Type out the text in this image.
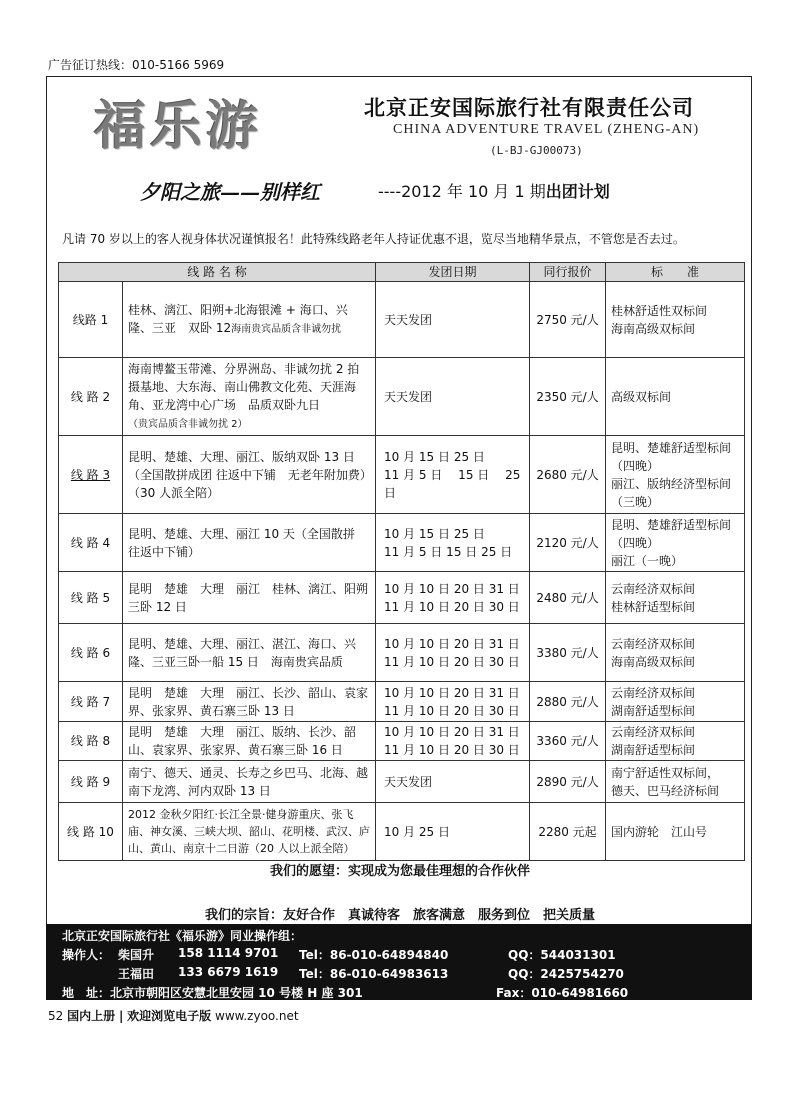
广告征订热线：010-5166 5969
福乐游	北京正安国际旅行社有限责任公司
CHINA ADVENTURE TRAVEL (ZHENG-AN)
(L-BJ-GJ00073)
夕阳之旅——别样红	----2012 年 10 月 1 期出团计划
凡请 70 岁以上的客人视身体状况谨慎报名！此特殊线路老年人持证优惠不退，览尽当地精华景点，不管您是否去过。
线 路 名 称		发团日期	同行报价	标　　准
线路 1	桂林、漓江、阳朔+北海银滩 + 海口、兴隆、三亚　双卧 12海南贵宾品质含非诚勿扰	天天发团	2750 元/人	桂林舒适性双标间
海南高级双标间
线 路 2	海南博鳌玉带滩、分界洲岛、非诚勿扰 2 拍摄基地、大东海、南山佛教文化苑、天涯海角、亚龙湾中心广场　品质双卧九日
（贵宾品质含非诚勿扰 2）	天天发团	2350 元/人	高级双标间
线 路 3	昆明、楚雄、大理、丽江、版纳双卧 13 日（全国散拼成团 往返中下铺　无老年附加费）（30 人派全陪）	10 月 15 日 25 日
11 月 5 日　 15 日　 25 日	2680 元/人	昆明、楚雄舒适型标间　（四晚）
丽江、版纳经济型标间　（三晚）
线 路 4	昆明、楚雄、大理、丽江 10 天（全国散拼　往返中下铺）	10 月 15 日 25 日
11 月 5 日 15 日 25 日	2120 元/人	昆明、楚雄舒适型标间　（四晚）
丽江（一晚）
线 路 5	昆明　楚雄　大理　丽江　桂林、漓江、阳朔三卧 12 日	10 月 10 日 20 日 31 日
11 月 10 日 20 日 30 日	2480 元/人	云南经济双标间
桂林舒适型标间
线 路 6	昆明、楚雄、大理、丽江、湛江、海口、兴隆、三亚三卧一船 15 日　海南贵宾品质	10 月 10 日 20 日 31 日
11 月 10 日 20 日 30 日	3380 元/人	云南经济双标间
海南高级双标间
线 路 7	昆明　楚雄　大理　丽江、长沙、韶山、袁家界、张家界、黄石寨三卧 13 日	10 月 10 日 20 日 31 日
11 月 10 日 20 日 30 日	2880 元/人	云南经济双标间
湖南舒适型标间
线 路 8	昆明　楚雄　大理　丽江、版纳、长沙、韶山、袁家界、张家界、黄石寨三卧 16 日	10 月 10 日 20 日 31 日
11 月 10 日 20 日 30 日	3360 元/人	云南经济双标间
湖南舒适型标间
线 路 9	南宁、德天、通灵、长寿之乡巴马、北海、越南下龙湾、河内双卧 13 日	天天发团	2890 元/人	南宁舒适性双标间，
德天、巴马经济标间
线 路 10	2012 金秋夕阳红·长江全景·健身游重庆、张飞庙、神女溪、三峡大坝、韶山、花明楼、武汉、庐山、黄山、南京十二日游（20 人以上派全陪）	10 月 25 日	2280 元起	国内游轮　江山号
我们的愿望：实现成为您最佳理想的合作伙伴
我们的宗旨：友好合作　真诚待客　旅客满意　服务到位　把关质量
北京正安国际旅行社《福乐游》同业操作组：
操作人： 柴国升 158 1114 9701 Tel：86-010-64894840	QQ：544031301
王福田 133 6679 1619 Tel：86-010-64983613	QQ：2425754270
地　址：北京市朝阳区安慧北里安园 10 号楼 H 座 301	Fax：010-64981660
52 国内上册 | 欢迎浏览电子版 www.zyoo.net
